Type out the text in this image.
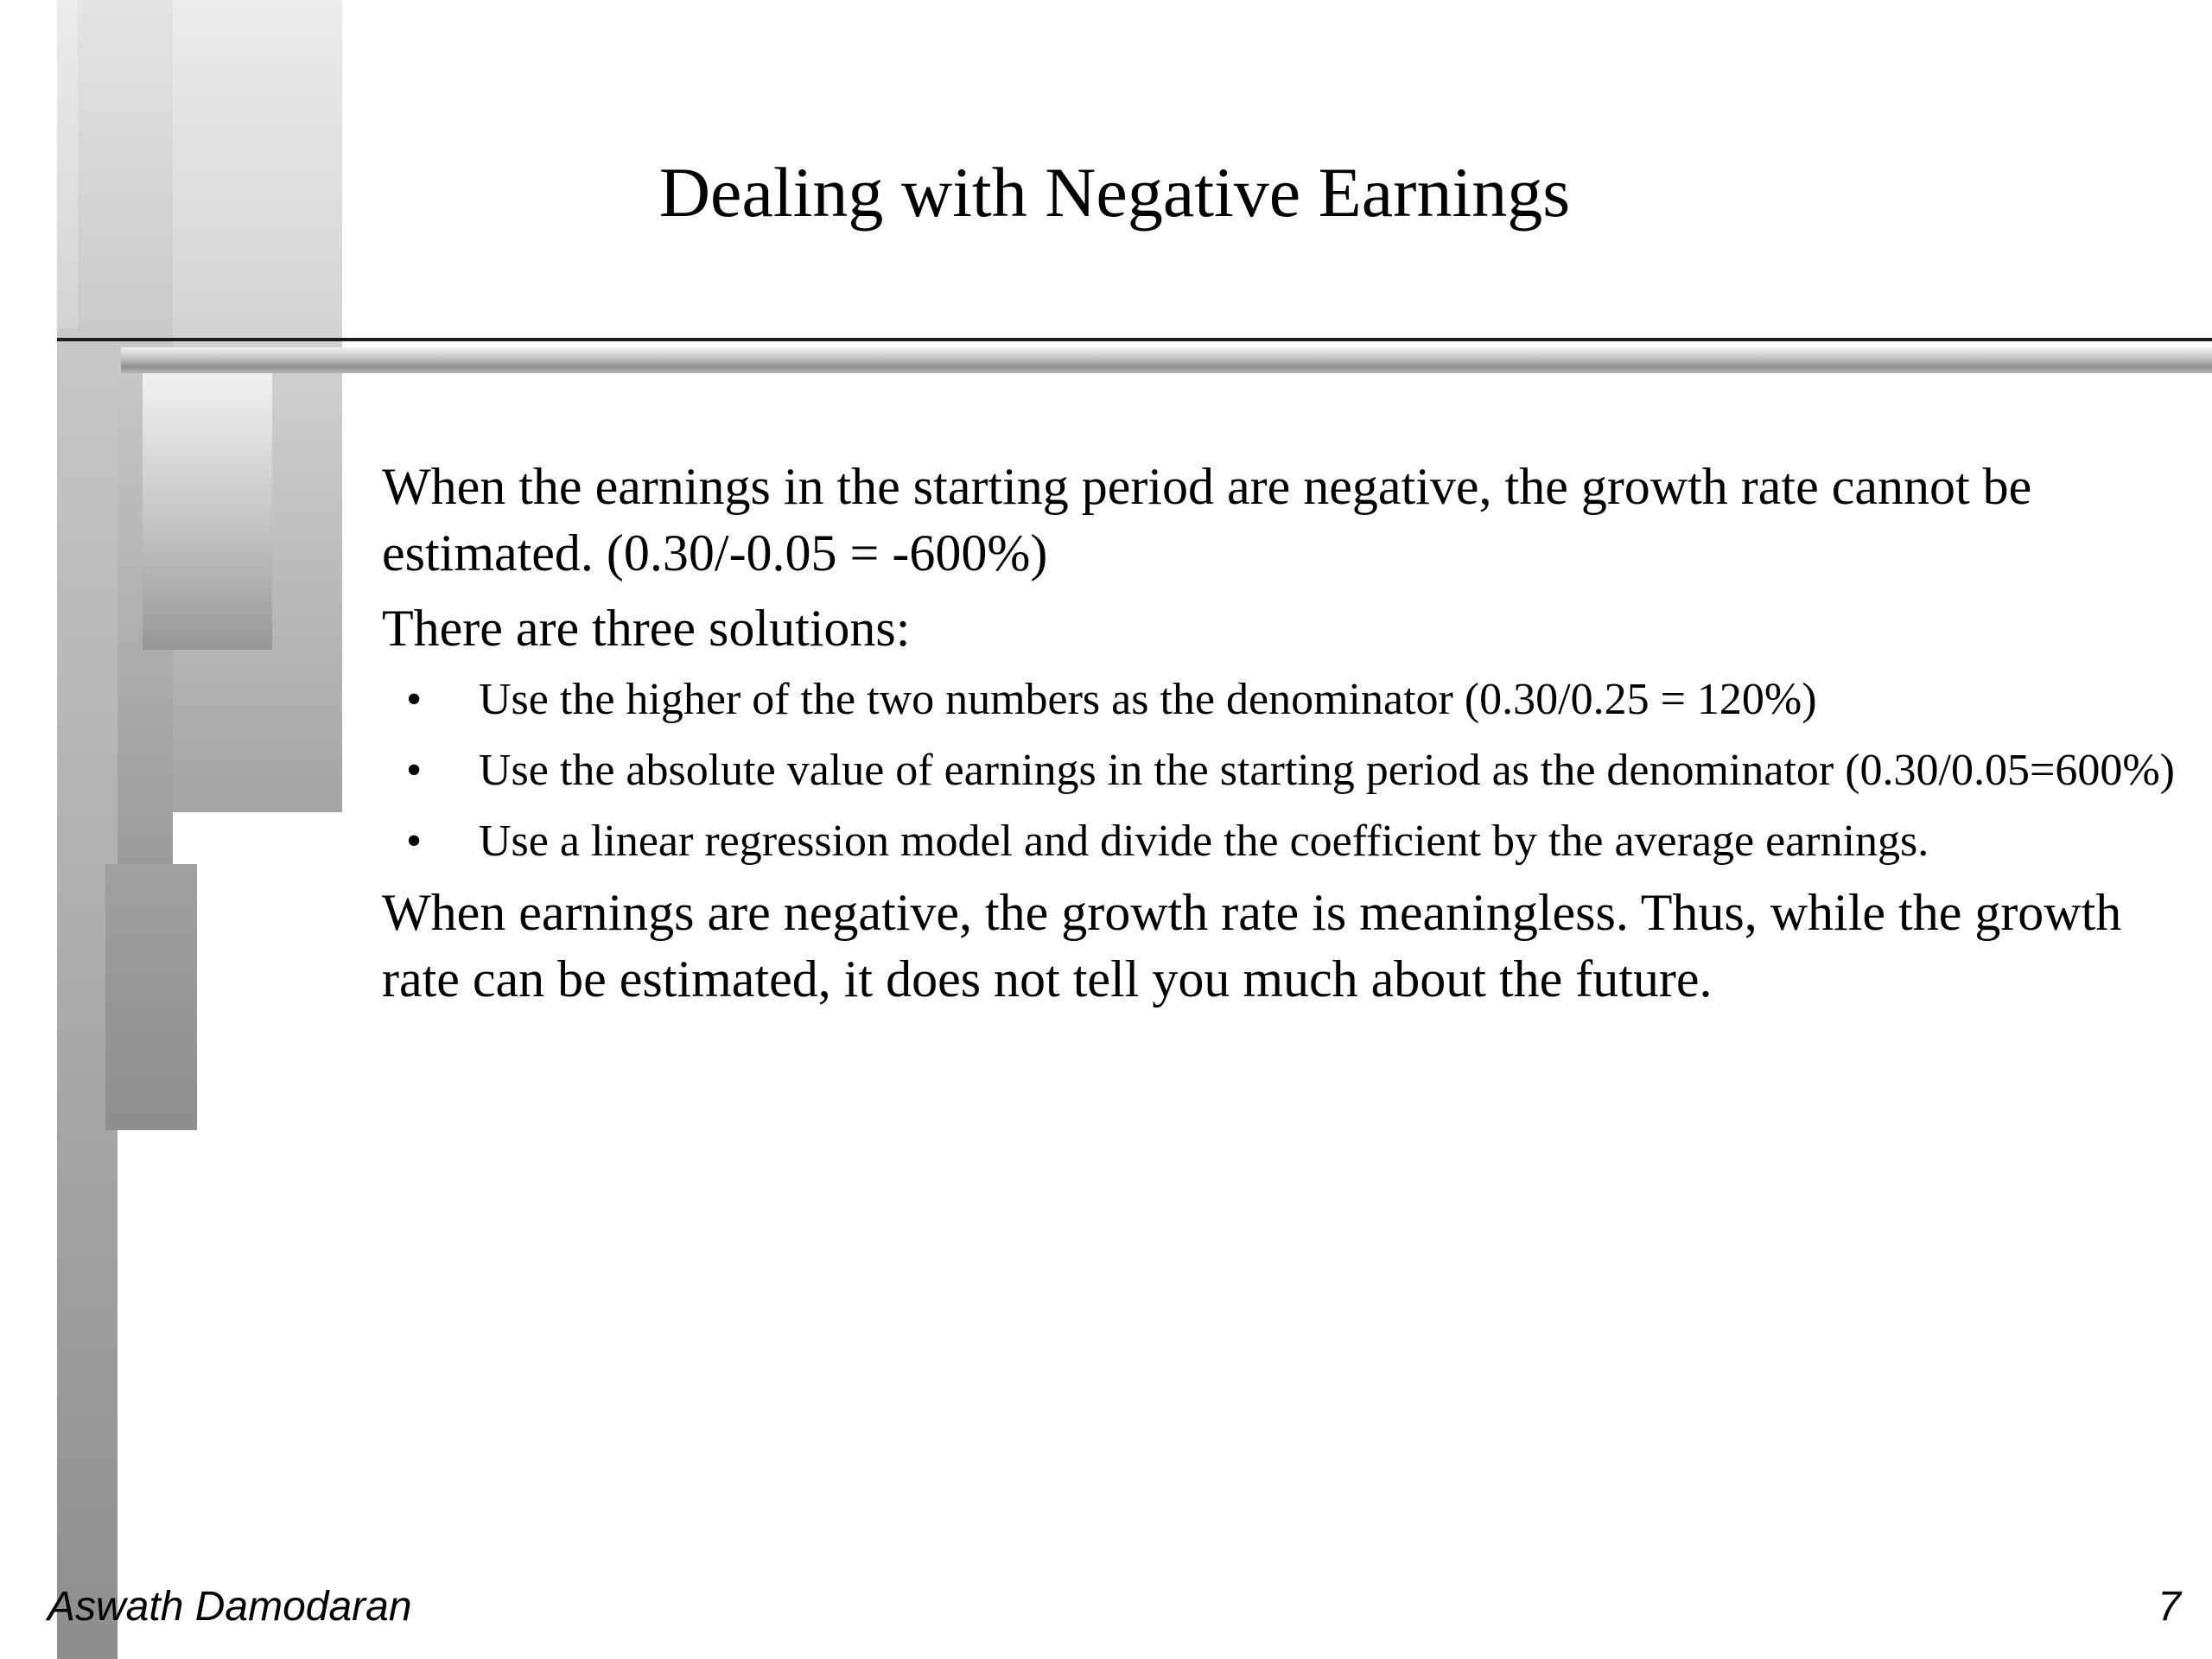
Dealing with Negative Earnings

When the earnings in the starting period are negative, the growth rate cannot be estimated. (0.30/-0.05 = -600%)

There are three solutions:

• Use the higher of the two numbers as the denominator (0.30/0.25 = 120%)
• Use the absolute value of earnings in the starting period as the denominator (0.30/0.05=600%)
• Use a linear regression model and divide the coefficient by the average earnings.

When earnings are negative, the growth rate is meaningless. Thus, while the growth rate can be estimated, it does not tell you much about the future.

Aswath Damodaran	7
